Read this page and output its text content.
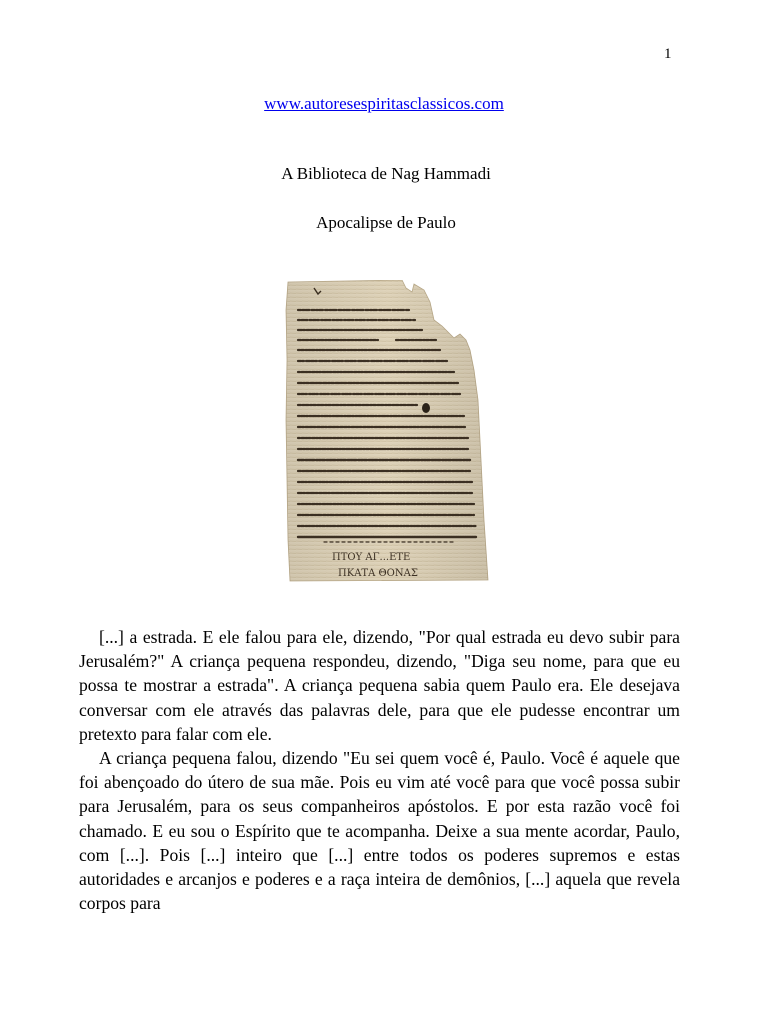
1
www.autoresespiritasclassicos.com
A Biblioteca de Nag Hammadi
Apocalipse de Paulo
ΠΤΟΥ ΑΓ...ΕΤΕ
ΠΚΑΤΑ ΘΟΝΑΣ

[...] a estrada. E ele falou para ele, dizendo, "Por qual estrada eu devo subir para Jerusalém?" A criança pequena respondeu, dizendo, "Diga seu nome, para que eu possa te mostrar a estrada". A criança pequena sabia quem Paulo era. Ele desejava conversar com ele através das palavras dele, para que ele pudesse encontrar um pretexto para falar com ele.

A criança pequena falou, dizendo "Eu sei quem você é, Paulo. Você é aquele que foi abençoado do útero de sua mãe. Pois eu vim até você para que você possa subir para Jerusalém, para os seus companheiros apóstolos. E por esta razão você foi chamado. E eu sou o Espírito que te acompanha. Deixe a sua mente acordar, Paulo, com [...]. Pois [...] inteiro que [...] entre todos os poderes supremos e estas autoridades e arcanjos e poderes e a raça inteira de demônios, [...] aquela que revela corpos para
